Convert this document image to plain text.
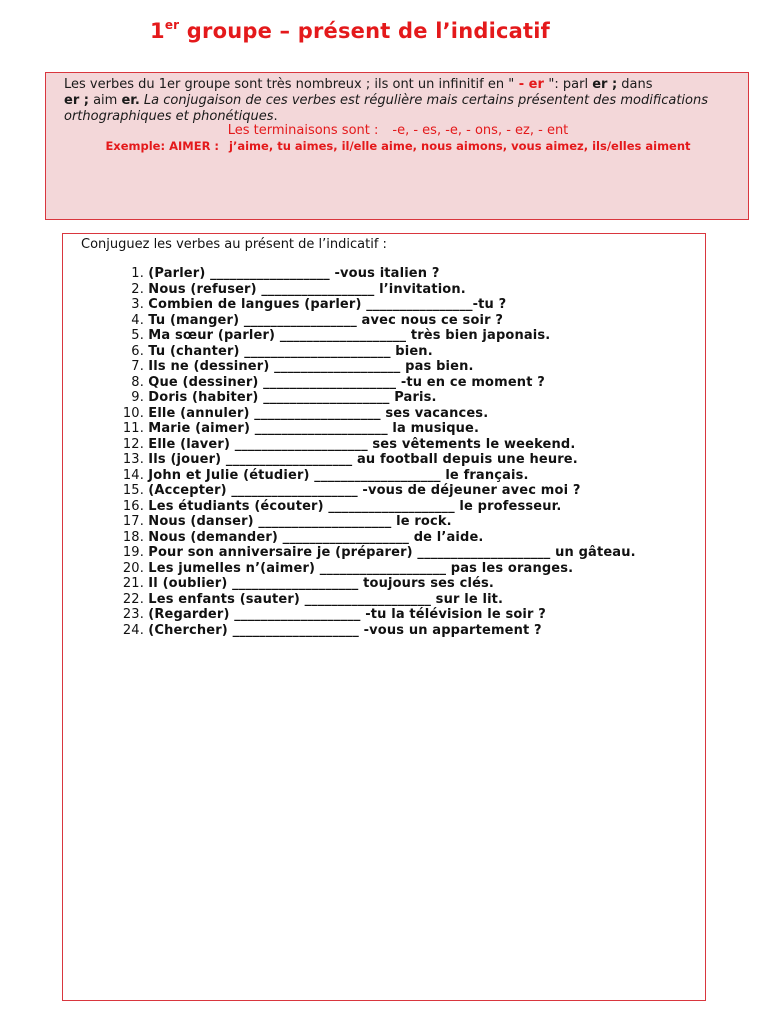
1er groupe – présent de l’indicatif
Les verbes du 1er groupe sont très nombreux ; ils ont un infinitif en " - er ": parl er ; dans
er ; aim er. La conjugaison de ces verbes est régulière mais certains présentent des modifications orthographiques et phonétiques.
Les terminaisons sont : -e, - es, -e, - ons, - ez, - ent
Exemple: AIMER : j’aime, tu aimes, il/elle aime, nous aimons, vous aimez, ils/elles aiment
Conjuguez les verbes au présent de l’indicatif :
1. (Parler) __________________ -vous italien ?
2. Nous (refuser) _________________ l’invitation.
3. Combien de langues (parler) ________________-tu ?
4. Tu (manger) _________________ avec nous ce soir ?
5. Ma sœur (parler) ___________________ très bien japonais.
6. Tu (chanter) ______________________ bien.
7. Ils ne (dessiner) ___________________ pas bien.
8. Que (dessiner) ____________________ -tu en ce moment ?
9. Doris (habiter) ___________________ Paris.
10. Elle (annuler) ___________________ ses vacances.
11. Marie (aimer) ____________________ la musique.
12. Elle (laver) ____________________ ses vêtements le weekend.
13. Ils (jouer) ___________________ au football depuis une heure.
14. John et Julie (étudier) ___________________ le français.
15. (Accepter) ___________________ -vous de déjeuner avec moi ?
16. Les étudiants (écouter) ___________________ le professeur.
17. Nous (danser) ____________________ le rock.
18. Nous (demander) ___________________ de l’aide.
19. Pour son anniversaire je (préparer) ____________________ un gâteau.
20. Les jumelles n’(aimer) ___________________ pas les oranges.
21. Il (oublier) ___________________ toujours ses clés.
22. Les enfants (sauter) ___________________ sur le lit.
23. (Regarder) ___________________ -tu la télévision le soir ?
24. (Chercher) ___________________ -vous un appartement ?
